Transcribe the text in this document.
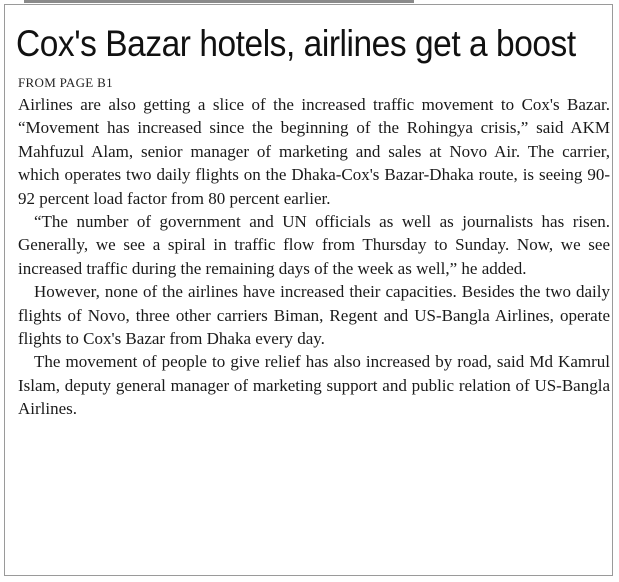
Cox's Bazar hotels, airlines get a boost
FROM PAGE B1

Airlines are also getting a slice of the increased traffic movement to Cox's Bazar. “Movement has increased since the beginning of the Rohingya crisis,” said AKM Mahfuzul Alam, senior manager of marketing and sales at Novo Air. The carrier, which operates two daily flights on the Dhaka-Cox's Bazar-Dhaka route, is seeing 90-92 percent load factor from 80 percent earlier.

“The number of government and UN officials as well as journalists has risen. Generally, we see a spiral in traffic flow from Thursday to Sunday. Now, we see increased traffic during the remaining days of the week as well,” he added.

However, none of the airlines have increased their capacities. Besides the two daily flights of Novo, three other carriers Biman, Regent and US-Bangla Airlines, operate flights to Cox's Bazar from Dhaka every day.

The movement of people to give relief has also increased by road, said Md Kamrul Islam, deputy general manager of marketing support and public relation of US-Bangla Airlines.
